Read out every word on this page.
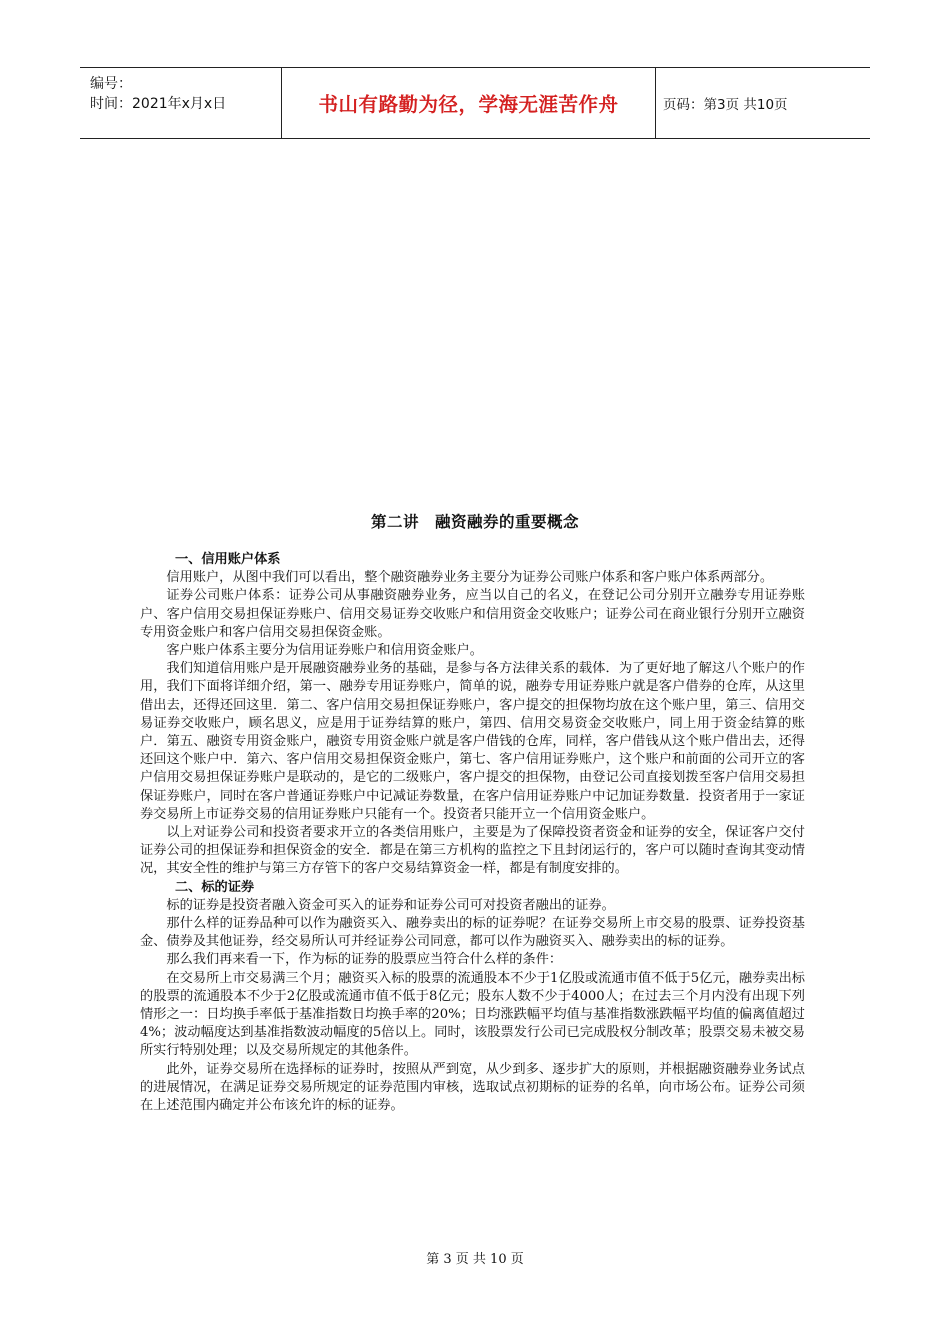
编号：
时间：2021年x月x日	书山有路勤为径，学海无涯苦作舟	页码：第3页 共10页
第二讲　融资融券的重要概念

一、信用账户体系

信用账户，从图中我们可以看出，整个融资融券业务主要分为证券公司账户体系和客户账户体系两部分。

证券公司账户体系：证券公司从事融资融券业务，应当以自己的名义，在登记公司分别开立融券专用证券账户、客户信用交易担保证券账户、信用交易证券交收账户和信用资金交收账户；证券公司在商业银行分别开立融资专用资金账户和客户信用交易担保资金账。

客户账户体系主要分为信用证券账户和信用资金账户。

我们知道信用账户是开展融资融券业务的基础，是参与各方法律关系的载体．为了更好地了解这八个账户的作用，我们下面将详细介绍，第一、融券专用证券账户，简单的说，融券专用证券账户就是客户借券的仓库，从这里借出去，还得还回这里．第二、客户信用交易担保证券账户，客户提交的担保物均放在这个账户里，第三、信用交易证券交收账户，顾名思义，应是用于证券结算的账户，第四、信用交易资金交收账户，同上用于资金结算的账户．第五、融资专用资金账户，融资专用资金账户就是客户借钱的仓库，同样，客户借钱从这个账户借出去，还得还回这个账户中．第六、客户信用交易担保资金账户，第七、客户信用证券账户，这个账户和前面的公司开立的客户信用交易担保证券账户是联动的，是它的二级账户，客户提交的担保物，由登记公司直接划拨至客户信用交易担保证券账户，同时在客户普通证券账户中记减证券数量，在客户信用证券账户中记加证券数量．投资者用于一家证券交易所上市证券交易的信用证券账户只能有一个。投资者只能开立一个信用资金账户。

以上对证券公司和投资者要求开立的各类信用账户，主要是为了保障投资者资金和证券的安全，保证客户交付证券公司的担保证券和担保资金的安全．都是在第三方机构的监控之下且封闭运行的，客户可以随时查询其变动情况，其安全性的维护与第三方存管下的客户交易结算资金一样，都是有制度安排的。

二、标的证券

标的证券是投资者融入资金可买入的证券和证券公司可对投资者融出的证券。

那什么样的证券品种可以作为融资买入、融券卖出的标的证券呢？在证券交易所上市交易的股票、证券投资基金、债券及其他证券，经交易所认可并经证券公司同意，都可以作为融资买入、融券卖出的标的证券。

那么我们再来看一下，作为标的证券的股票应当符合什么样的条件：

在交易所上市交易满三个月；融资买入标的股票的流通股本不少于1亿股或流通市值不低于5亿元，融券卖出标的股票的流通股本不少于2亿股或流通市值不低于8亿元；股东人数不少于4000人；在过去三个月内没有出现下列情形之一：日均换手率低于基准指数日均换手率的20%；日均涨跌幅平均值与基准指数涨跌幅平均值的偏离值超过4%；波动幅度达到基准指数波动幅度的5倍以上。同时，该股票发行公司已完成股权分制改革；股票交易未被交易所实行特别处理；以及交易所规定的其他条件。

此外，证券交易所在选择标的证券时，按照从严到宽，从少到多、逐步扩大的原则，并根据融资融券业务试点的进展情况，在满足证券交易所规定的证券范围内审核，选取试点初期标的证券的名单，向市场公布。证券公司须在上述范围内确定并公布该允许的标的证券。

第 3 页 共 10 页
